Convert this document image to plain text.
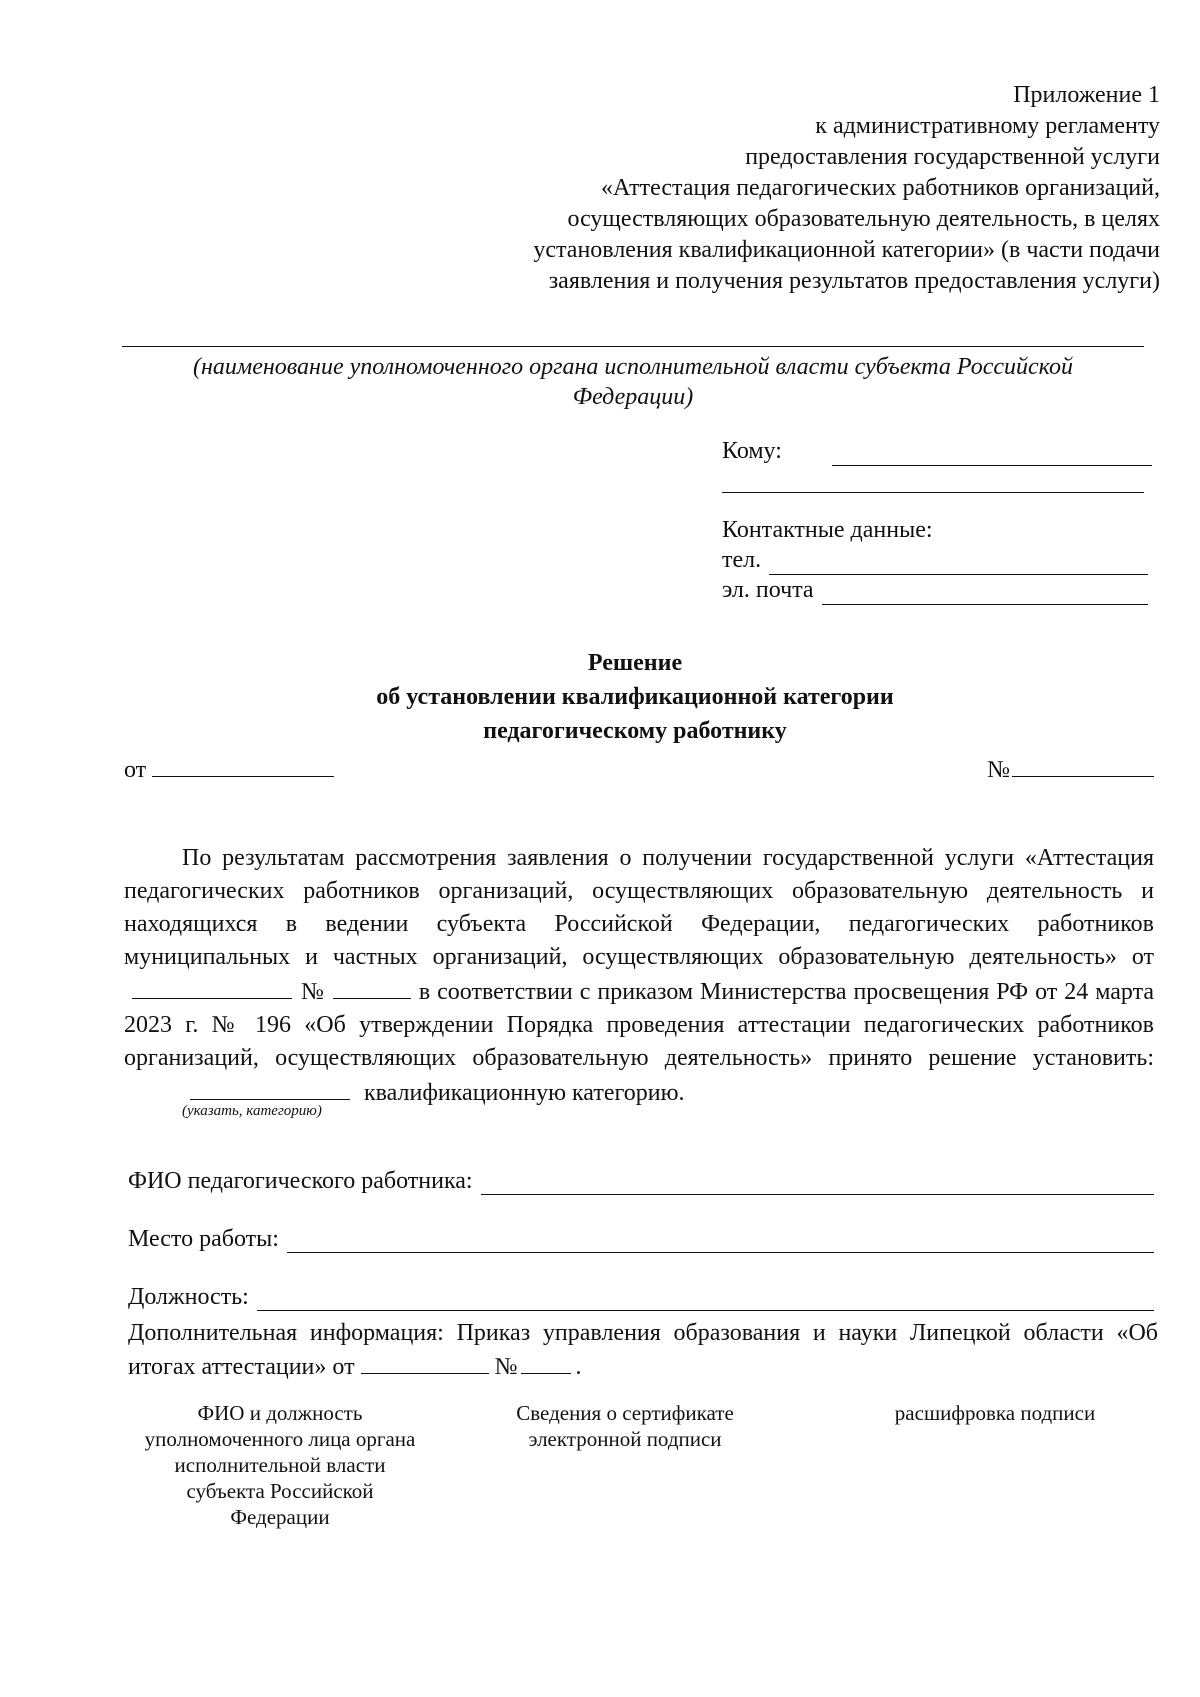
Приложение 1
к административному регламенту
предоставления государственной услуги
«Аттестация педагогических работников организаций,
осуществляющих образовательную деятельность, в целях
установления квалификационной категории» (в части подачи
заявления и получения результатов предоставления услуги)
(наименование уполномоченного органа исполнительной власти субъекта Российской
Федерации)
Кому:
Контактные данные:
тел.
эл. почта
Решение
об установлении квалификационной категории
педагогическому работнику
от	№

По результатам рассмотрения заявления о получении государственной услуги «Аттестация педагогических работников организаций, осуществляющих образовательную деятельность и находящихся в ведении субъекта Российской Федерации, педагогических работников муниципальных и частных организаций, осуществляющих образовательную деятельность» от№	в соответствии с приказом Министерства просвещения РФ от 24 марта 2023 г. № 196 «Об утверждении Порядка проведения аттестации педагогических работников организаций, осуществляющих образовательную деятельность» принято решение установить:
(указать, категорию)
квалификационную категорию.

ФИО педагогического работника:
Место работы:
Должность:
Дополнительная информация: Приказ управления образования и науки Липецкой области «Об итогах аттестации» от	№ .
ФИО и должность
уполномоченного лица органа
исполнительной власти
субъекта Российской
Федерации
Сведения о сертификате
электронной подписи
расшифровка подписи
